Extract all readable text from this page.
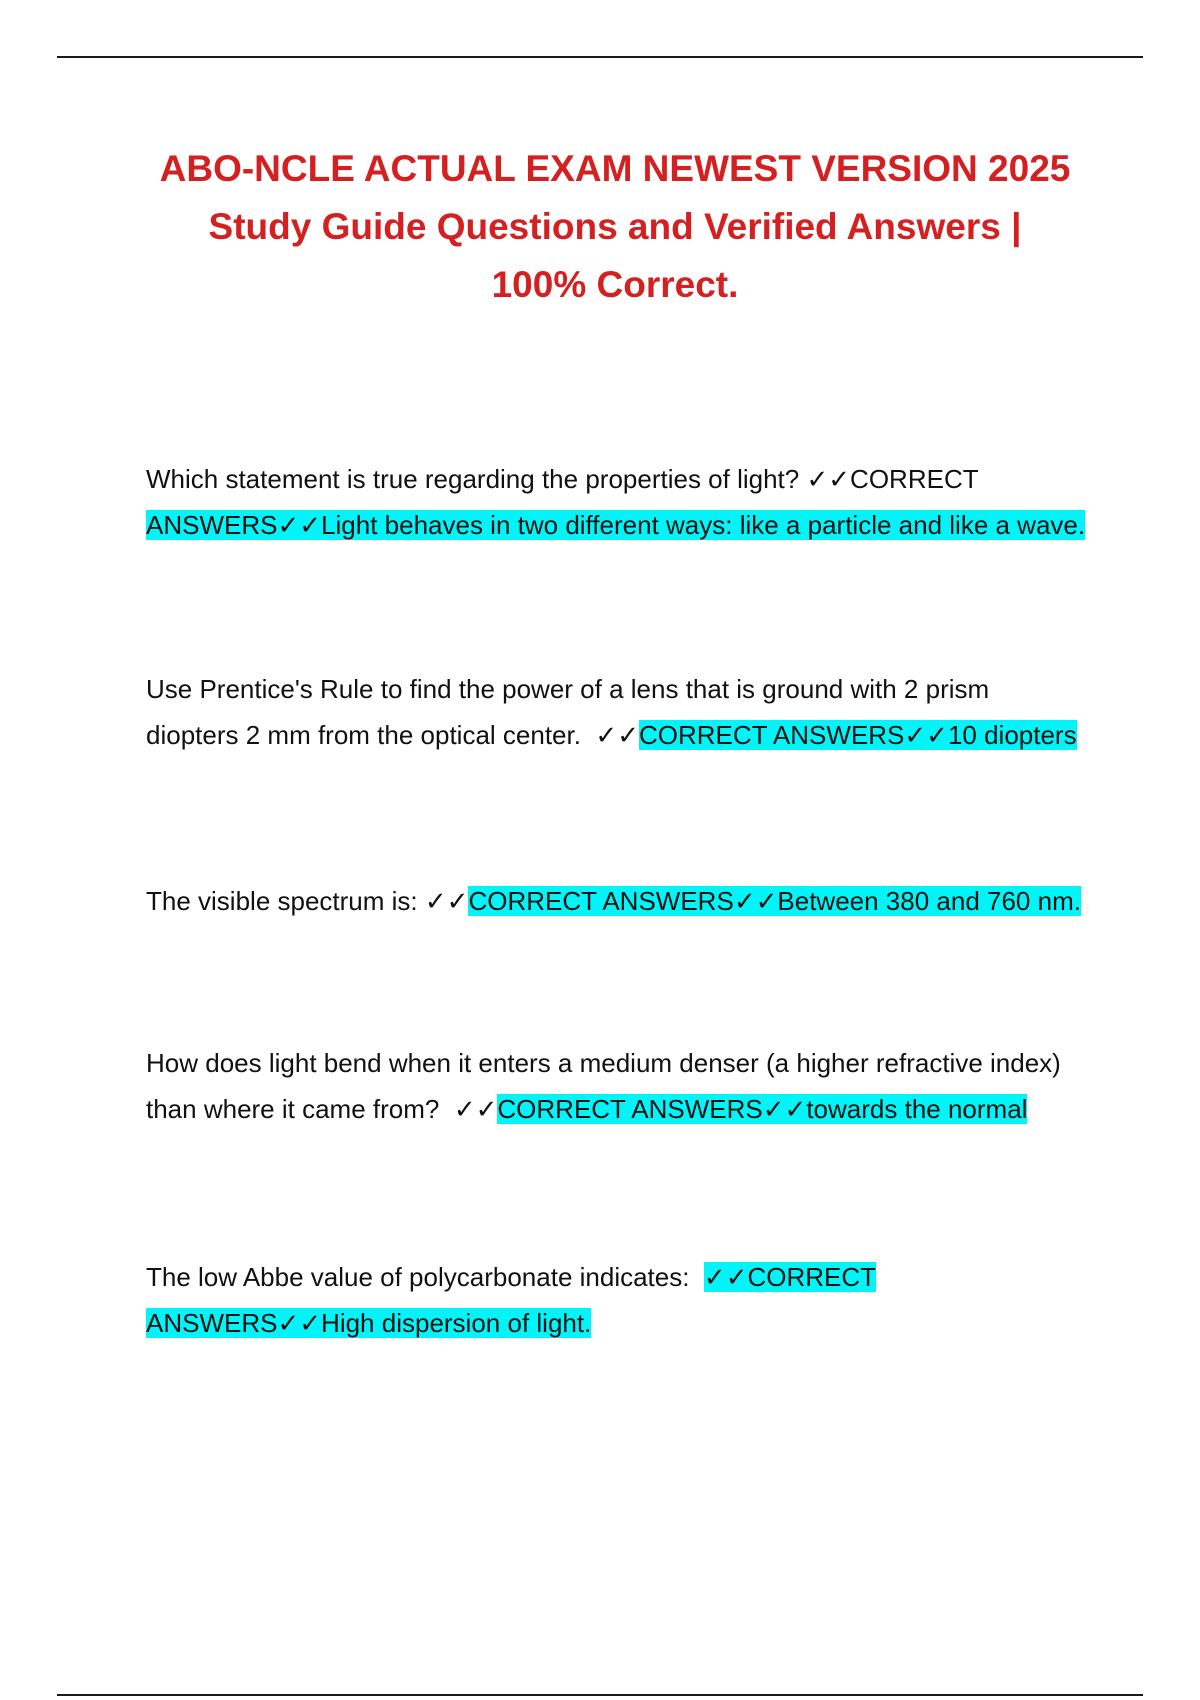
ABO-NCLE ACTUAL EXAM NEWEST VERSION 2025
Study Guide Questions and Verified Answers |
100% Correct.

Which statement is true regarding the properties of light? ✓✓CORRECT ANSWERS✓✓Light behaves in two different ways: like a particle and like a wave.

Use Prentice's Rule to find the power of a lens that is ground with 2 prism diopters 2 mm from the optical center. ✓✓CORRECT ANSWERS✓✓10 diopters

The visible spectrum is: ✓✓CORRECT ANSWERS✓✓Between 380 and 760 nm.

How does light bend when it enters a medium denser (a higher refractive index) than where it came from? ✓✓CORRECT ANSWERS✓✓towards the normal

The low Abbe value of polycarbonate indicates: ✓✓CORRECT ANSWERS✓✓High dispersion of light.
